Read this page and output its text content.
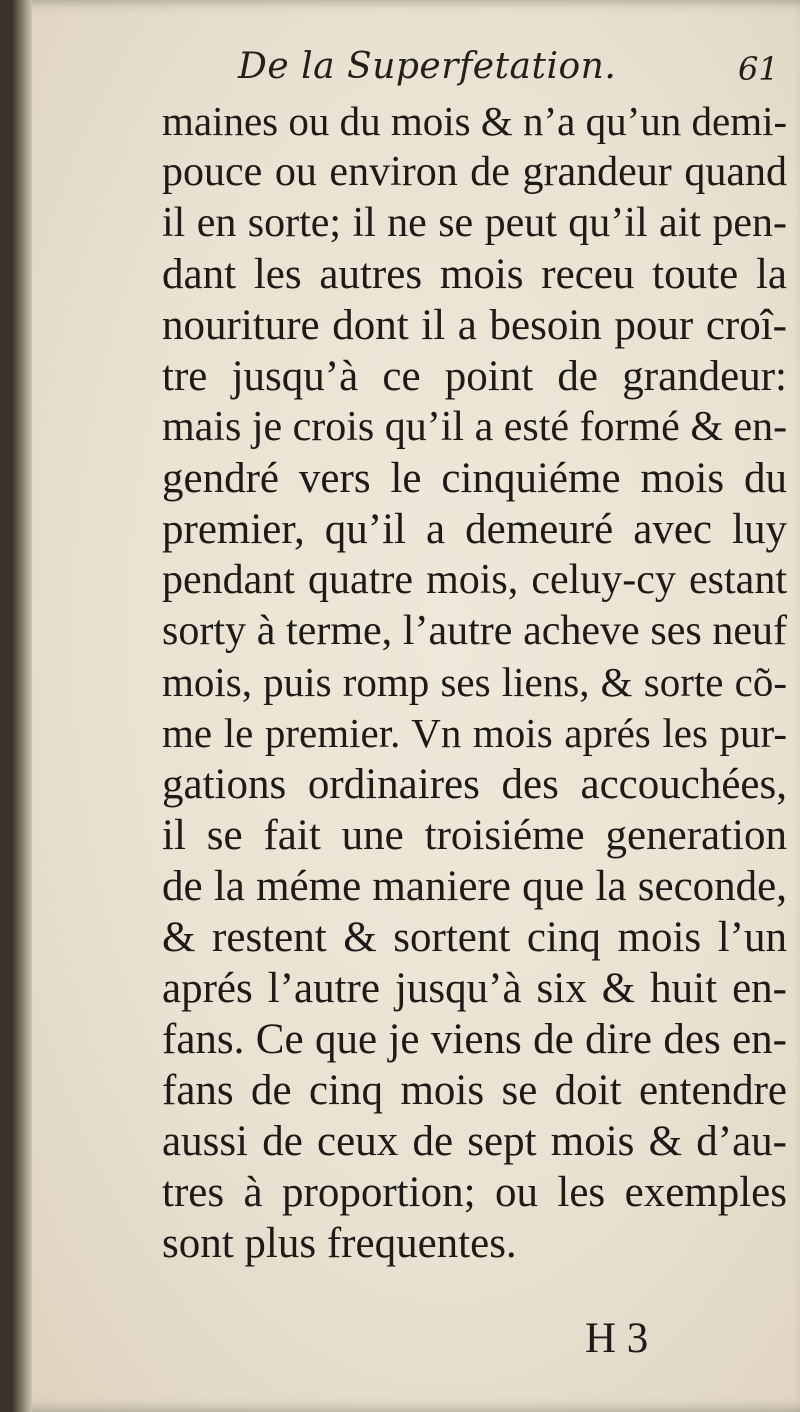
De la Superfetation.	61
maines ou du mois & n’a qu’un demi-
pouce ou environ de grandeur quand
il en sorte; il ne se peut qu’il ait pen-
dant les autres mois receu toute la
nouriture dont il a besoin pour croî-
tre jusqu’à ce point de grandeur:
mais je crois qu’il a esté formé & en-
gendré vers le cinquiéme mois du
premier, qu’il a demeuré avec luy
pendant quatre mois, celuy-cy estant
sorty à terme, l’autre acheve ses neuf
mois, puis romp ses liens, & sorte cõ-
me le premier. Vn mois aprés les pur-
gations ordinaires des accouchées,
il se fait une troisiéme generation
de la méme maniere que la seconde,
& restent & sortent cinq mois l’un
aprés l’autre jusqu’à six & huit en-
fans. Ce que je viens de dire des en-
fans de cinq mois se doit entendre
aussi de ceux de sept mois & d’au-
tres à proportion; ou les exemples
sont plus frequentes.
H 3
